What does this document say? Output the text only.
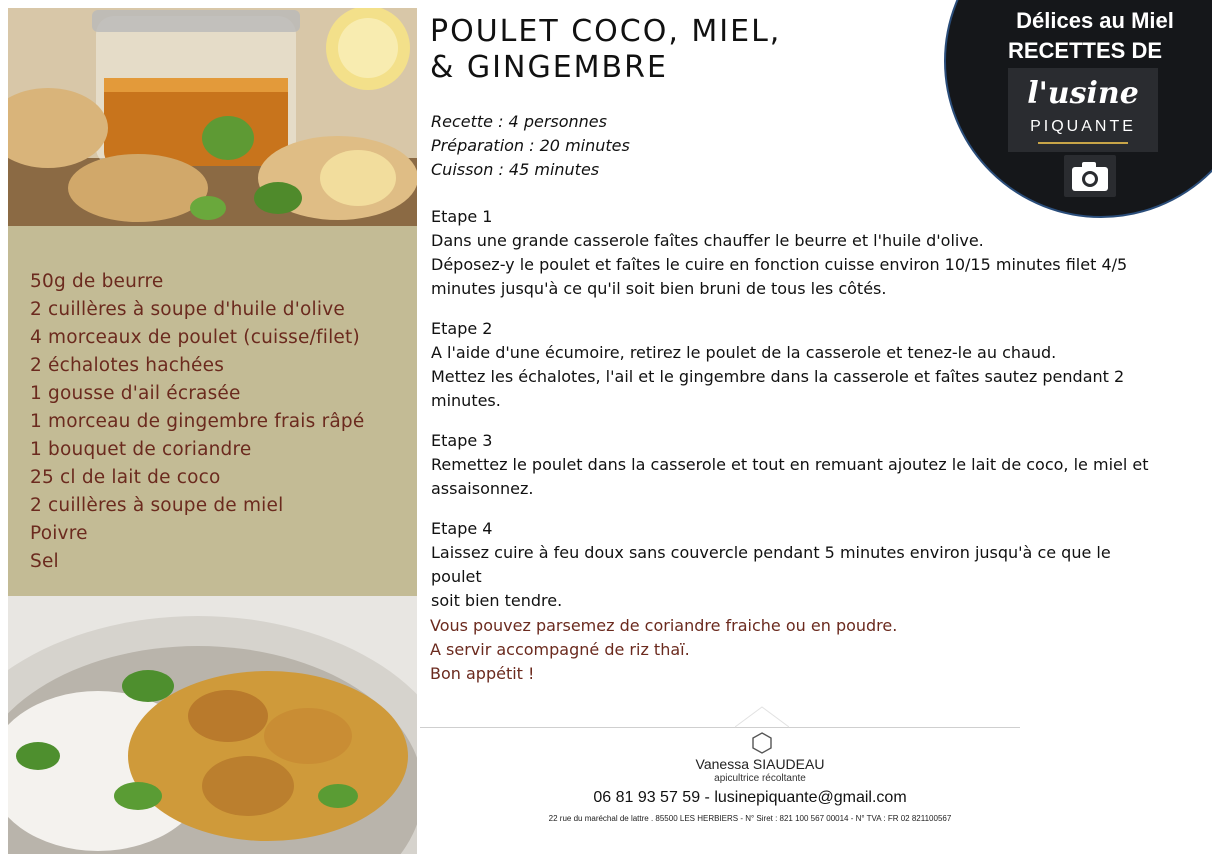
50g de beurre
2 cuillères à soupe d'huile d'olive
4 morceaux de poulet (cuisse/filet)
2 échalotes hachées
1 gousse d'ail écrasée
1 morceau de gingembre frais râpé
1 bouquet de coriandre
25 cl de lait de coco
2 cuillères à soupe de miel
Poivre
Sel
POULET COCO, MIEL,
& GINGEMBRE
Recette : 4 personnes
Préparation : 20 minutes
Cuisson : 45 minutes
Etape 1
Dans une grande casserole faîtes chauffer le beurre et l'huile d'olive.
Déposez-y le poulet et faîtes le cuire en fonction cuisse environ 10/15 minutes filet 4/5
minutes jusqu'à ce qu'il soit bien bruni de tous les côtés.
Etape 2
A l'aide d'une écumoire, retirez le poulet de la casserole et tenez-le au chaud.
Mettez les échalotes, l'ail et le gingembre dans la casserole et faîtes sautez pendant 2
minutes.
Etape 3
Remettez le poulet dans la casserole et tout en remuant ajoutez le lait de coco, le miel et
assaisonnez.
Etape 4
Laissez cuire à feu doux sans couvercle pendant 5 minutes environ jusqu'à ce que le poulet
soit bien tendre.
Vous pouvez parsemez de coriandre fraiche ou en poudre.
A servir accompagné de riz thaï.
Bon appétit !
Délices au Miel
RECETTES DE
l'usine
PIQUANTE
Vanessa SIAUDEAU
apicultrice récoltante
06 81 93 57 59 - lusinepiquante@gmail.com
22 rue du maréchal de lattre . 85500 LES HERBIERS - N° Siret : 821 100 567 00014 - N° TVA : FR 02 821100567
